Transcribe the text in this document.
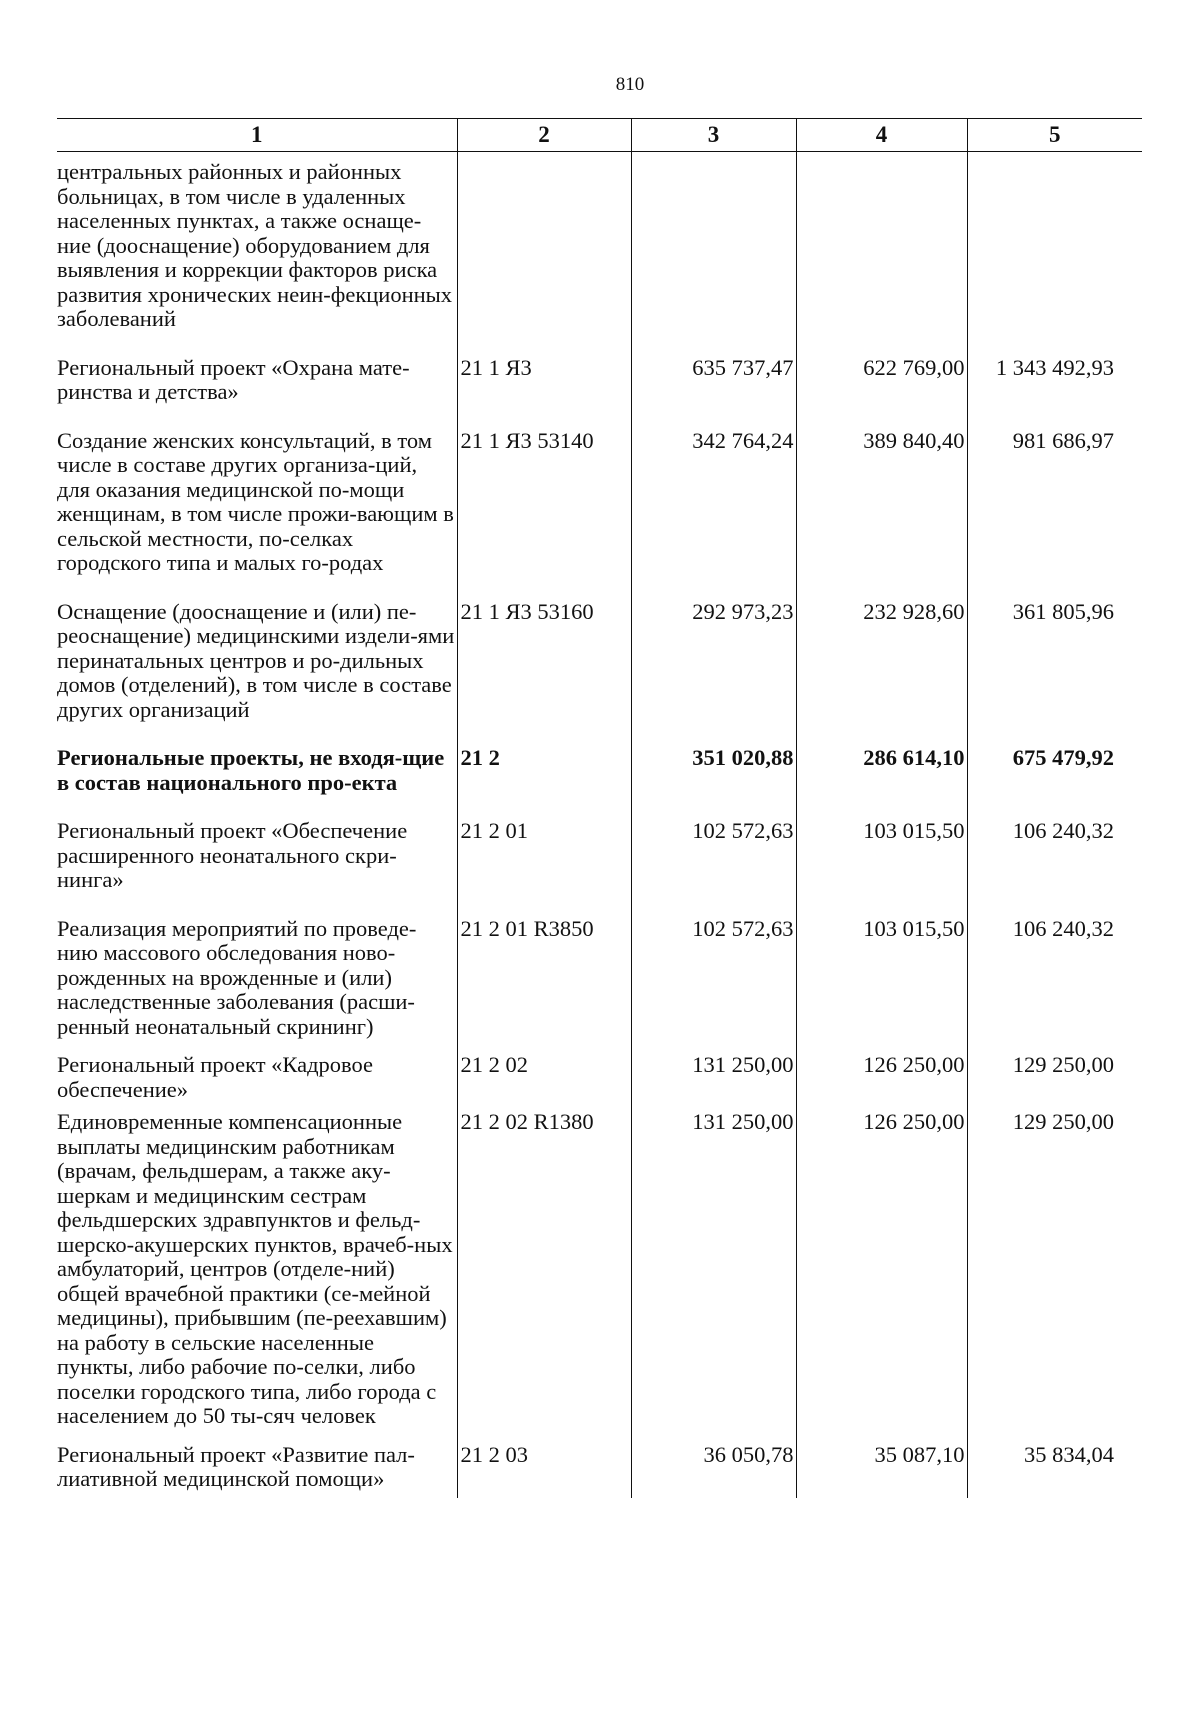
810
1	2	3	4	5
центральных районных и районных больницах, в том числе в удаленных населенных пунктах, а также оснаще-ние (дооснащение) оборудованием для выявления и коррекции факторов риска развития хронических неин-фекционных заболеваний				
Региональный проект «Охрана мате-ринства и детства»	21 1 Я3	635 737,47	622 769,00	1 343 492,93
Создание женских консультаций, в том числе в составе других организа-ций, для оказания медицинской по-мощи женщинам, в том числе прожи-вающим в сельской местности, по-селках городского типа и малых го-родах	21 1 Я3 53140	342 764,24	389 840,40	981 686,97
Оснащение (дооснащение и (или) пе-реоснащение) медицинскими издели-ями перинатальных центров и ро-дильных домов (отделений), в том числе в составе других организаций	21 1 Я3 53160	292 973,23	232 928,60	361 805,96
Региональные проекты, не входя-щие в состав национального про-екта	21 2	351 020,88	286 614,10	675 479,92
Региональный проект «Обеспечение расширенного неонатального скри-нинга»	21 2 01	102 572,63	103 015,50	106 240,32
Реализация мероприятий по проведе-нию массового обследования ново-рожденных на врожденные и (или) наследственные заболевания (расши-ренный неонатальный скрининг)	21 2 01 R3850	102 572,63	103 015,50	106 240,32
Региональный проект «Кадровое обеспечение»	21 2 02	131 250,00	126 250,00	129 250,00
Единовременные компенсационные выплаты медицинским работникам (врачам, фельдшерам, а также аку-шеркам и медицинским сестрам фельдшерских здравпунктов и фельд-шерско-акушерских пунктов, врачеб-ных амбулаторий, центров (отделе-ний) общей врачебной практики (се-мейной медицины), прибывшим (пе-реехавшим) на работу в сельские населенные пункты, либо рабочие по-селки, либо поселки городского типа, либо города с населением до 50 ты-сяч человек	21 2 02 R1380	131 250,00	126 250,00	129 250,00
Региональный проект «Развитие пал-лиативной медицинской помощи»	21 2 03	36 050,78	35 087,10	35 834,04
